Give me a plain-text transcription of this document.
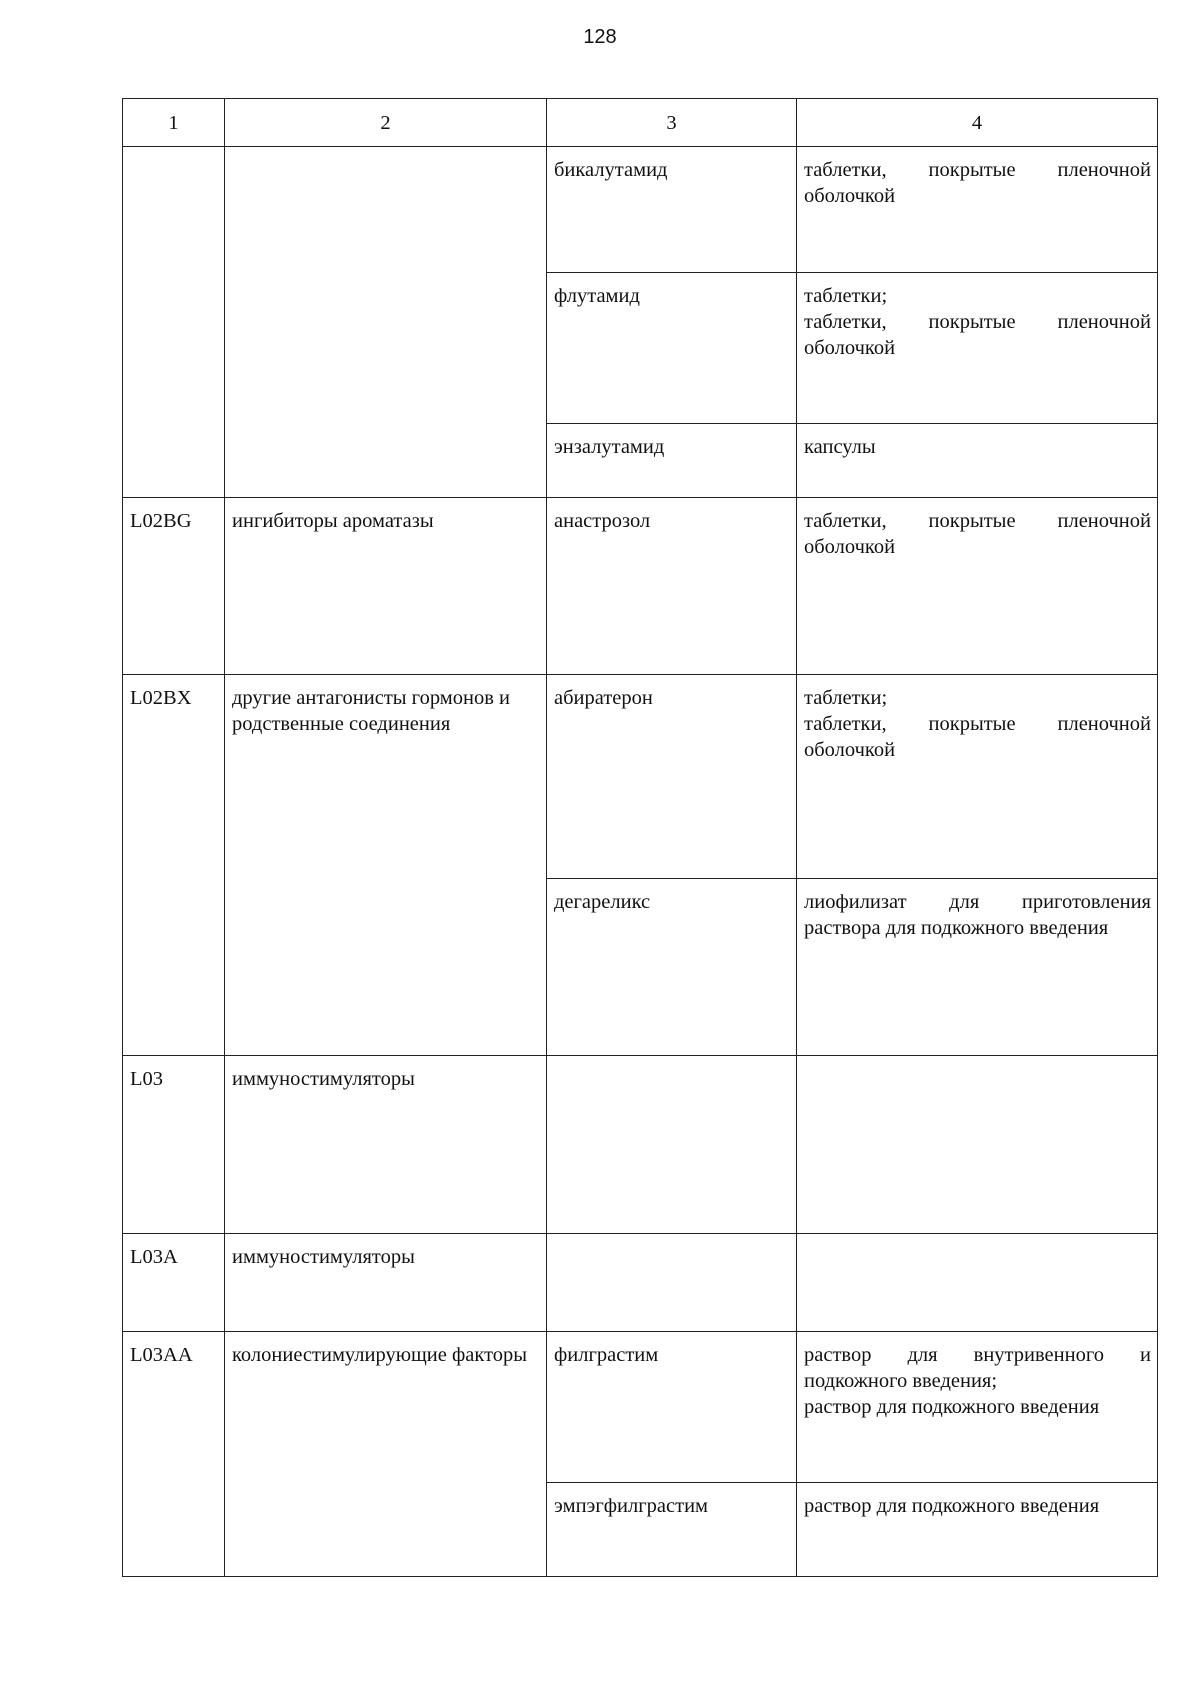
128
1	2	3	4
		бикалутамид	таблетки, покрытые пленочной оболочкой

		флутамид	таблетки;
таблетки, покрытые пленочной оболочкой

		энзалутамид	капсулы

L02BG	ингибиторы ароматазы	анастрозол	таблетки, покрытые пленочной оболочкой

L02BX	другие антагонисты гормонов и родственные соединения	абиратерон	таблетки;
таблетки, покрытые пленочной оболочкой

		дегареликс	лиофилизат для приготовления раствора для подкожного введения

L03	иммуностимуляторы		
L03A	иммуностимуляторы		
L03AA	колониестимулирующие факторы	филграстим	раствор для внутривенного и подкожного введения;
раствор для подкожного введения

		эмпэгфилграстим	раствор для подкожного введения
